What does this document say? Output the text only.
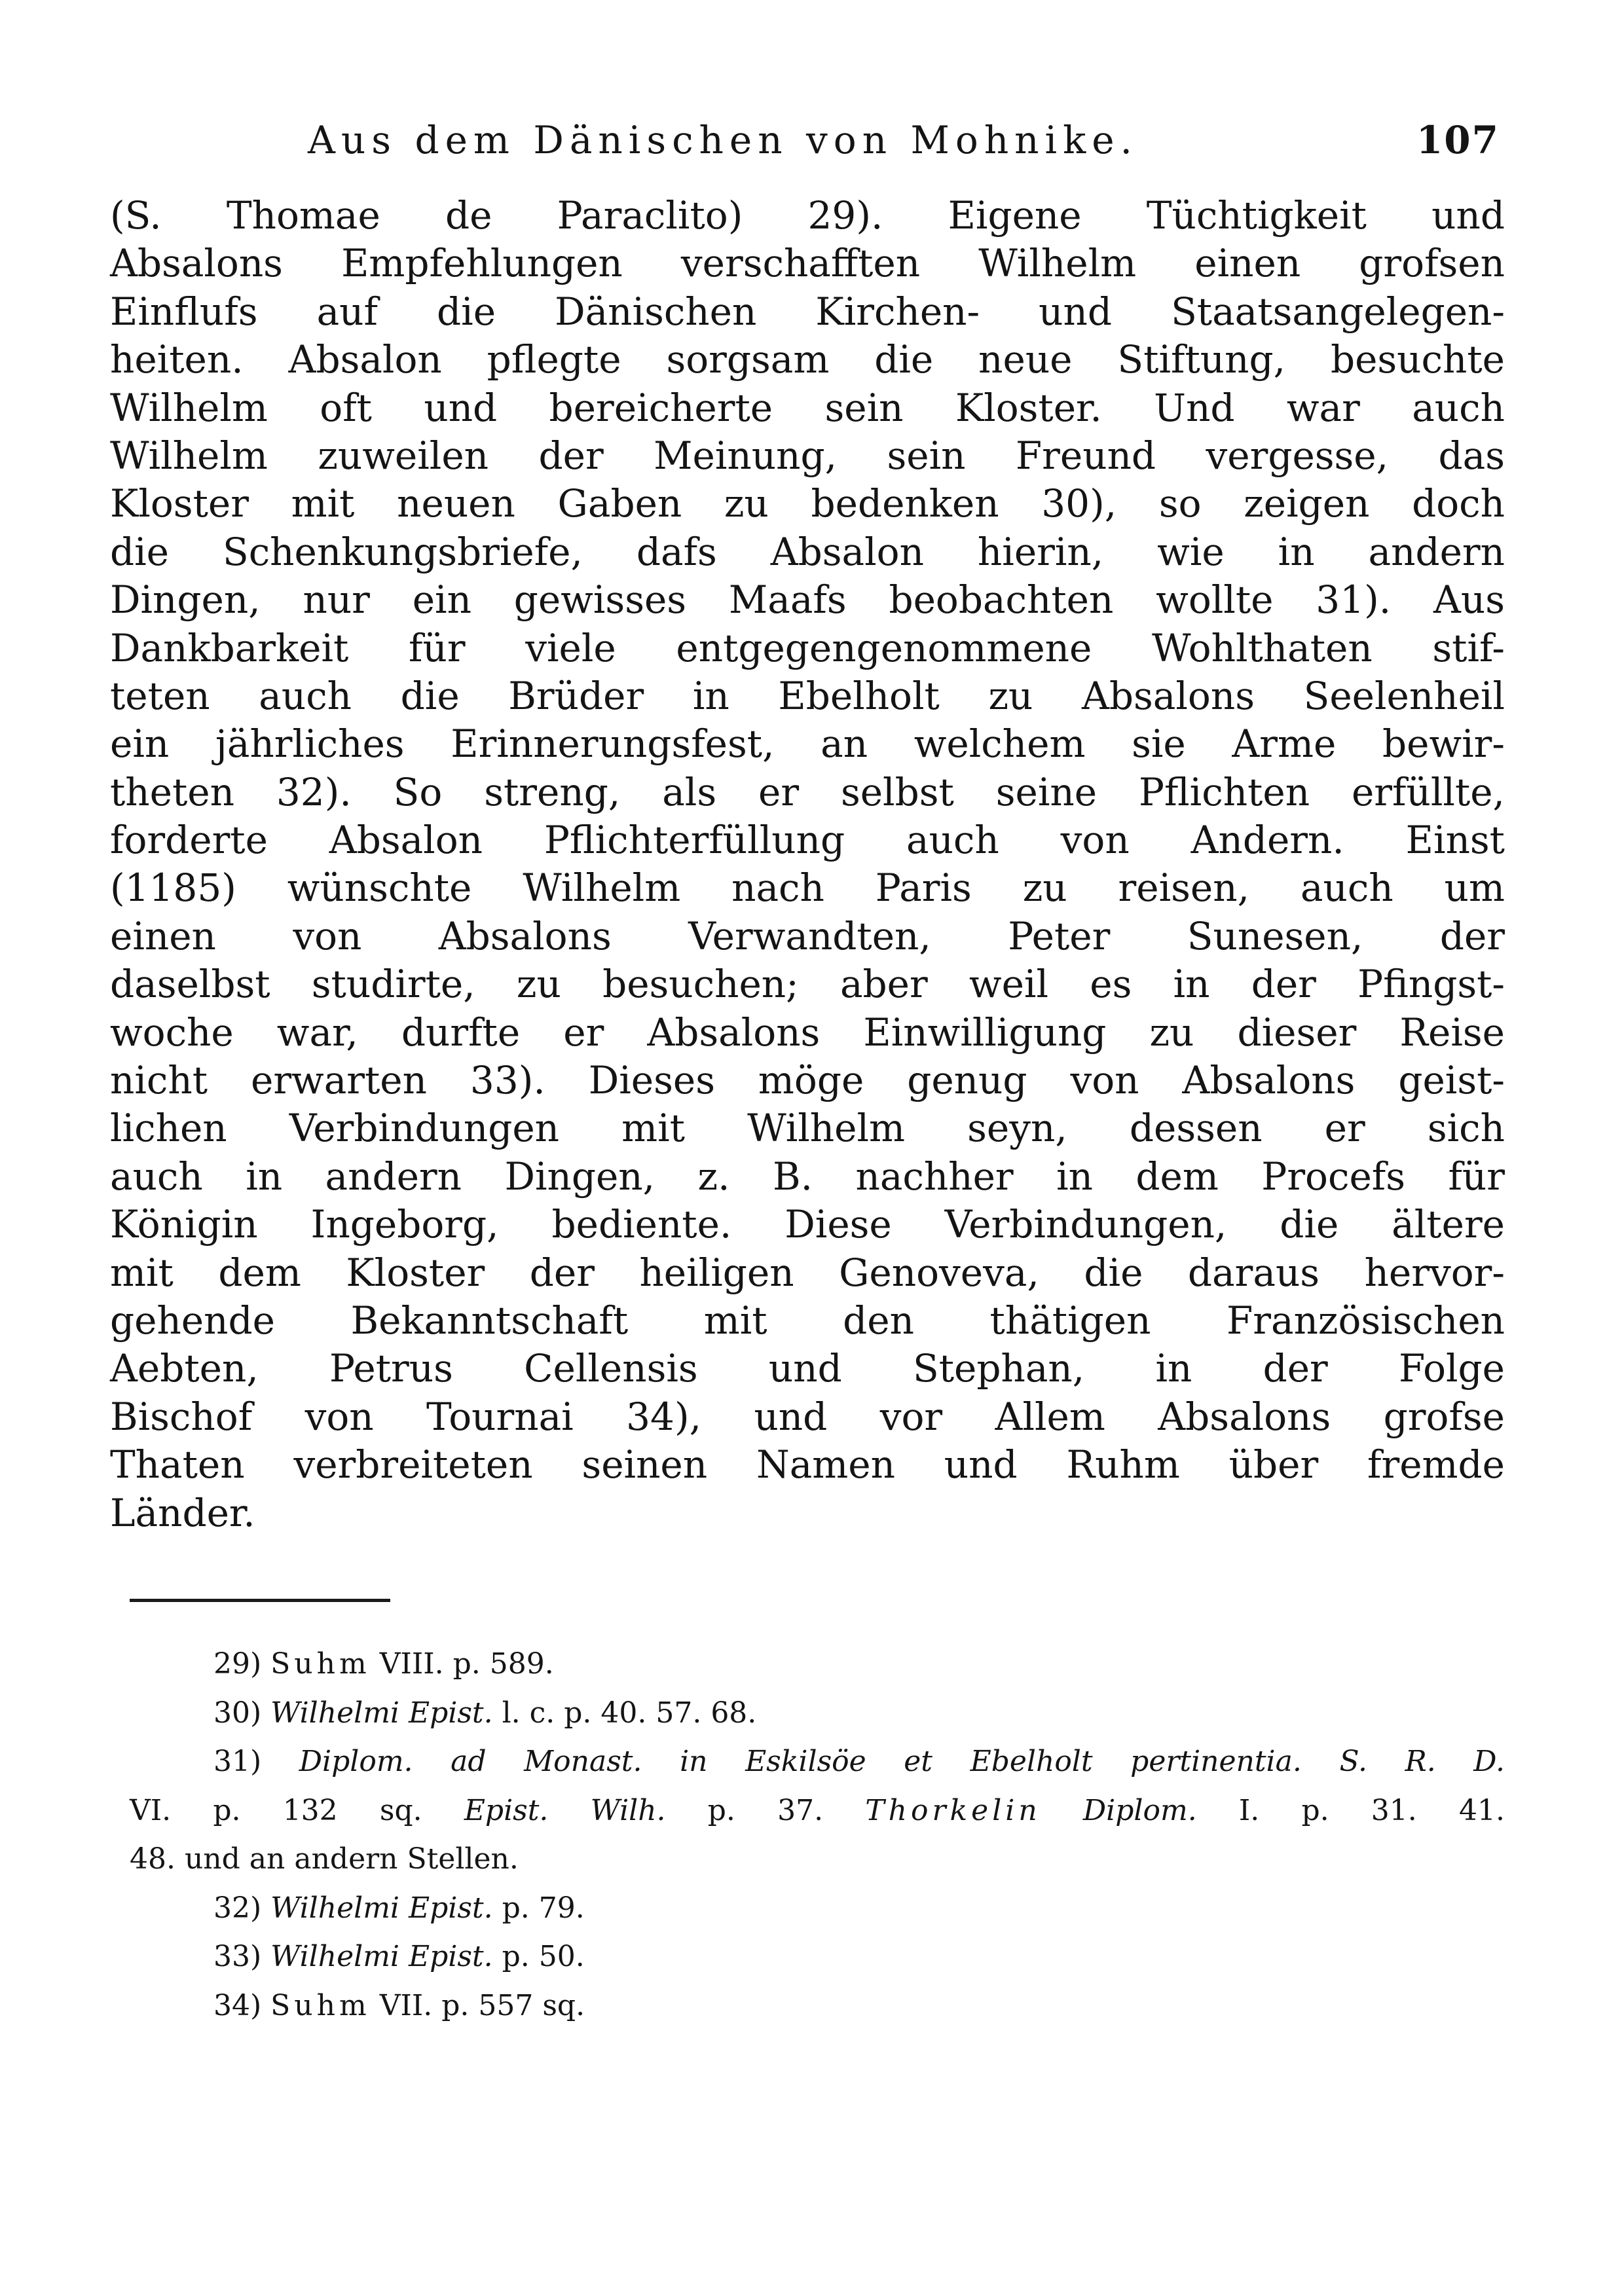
Aus dem Dänischen von Mohnike.	107
(S. Thomae de Paraclito) 29). Eigene Tüchtigkeit und
Absalons Empfehlungen verschafften Wilhelm einen grofsen
Einflufs auf die Dänischen Kirchen- und Staatsangelegen-
heiten. Absalon pflegte sorgsam die neue Stiftung, besuchte
Wilhelm oft und bereicherte sein Kloster. Und war auch
Wilhelm zuweilen der Meinung, sein Freund vergesse, das
Kloster mit neuen Gaben zu bedenken 30), so zeigen doch
die Schenkungsbriefe, dafs Absalon hierin, wie in andern
Dingen, nur ein gewisses Maafs beobachten wollte 31). Aus
Dankbarkeit für viele entgegengenommene Wohlthaten stif-
teten auch die Brüder in Ebelholt zu Absalons Seelenheil
ein jährliches Erinnerungsfest, an welchem sie Arme bewir-
theten 32). So streng, als er selbst seine Pflichten erfüllte,
forderte Absalon Pflichterfüllung auch von Andern. Einst
(1185) wünschte Wilhelm nach Paris zu reisen, auch um
einen von Absalons Verwandten, Peter Sunesen, der
daselbst studirte, zu besuchen; aber weil es in der Pfingst-
woche war, durfte er Absalons Einwilligung zu dieser Reise
nicht erwarten 33). Dieses möge genug von Absalons geist-
lichen Verbindungen mit Wilhelm seyn, dessen er sich
auch in andern Dingen, z. B. nachher in dem Procefs für
Königin Ingeborg, bediente. Diese Verbindungen, die ältere
mit dem Kloster der heiligen Genoveva, die daraus hervor-
gehende Bekanntschaft mit den thätigen Französischen
Aebten, Petrus Cellensis und Stephan, in der Folge
Bischof von Tournai 34), und vor Allem Absalons grofse
Thaten verbreiteten seinen Namen und Ruhm über fremde
Länder.
29) Suhm VIII. p. 589.
30) Wilhelmi Epist. l. c. p. 40. 57. 68.
31) Diplom. ad Monast. in Eskilsöe et Ebelholt pertinentia. S. R. D.
VI. p. 132 sq. Epist. Wilh. p. 37. Thorkelin Diplom. I. p. 31. 41.
48. und an andern Stellen.
32) Wilhelmi Epist. p. 79.
33) Wilhelmi Epist. p. 50.
34) Suhm VII. p. 557 sq.
